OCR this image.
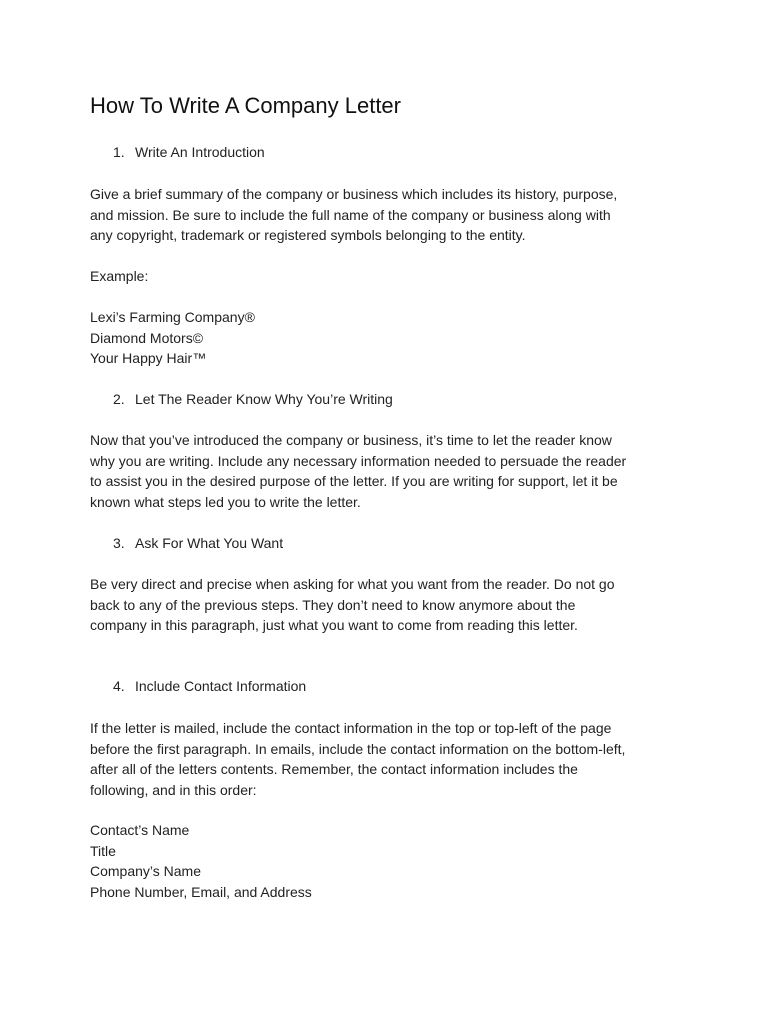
How To Write A Company Letter
1. Write An Introduction

Give a brief summary of the company or business which includes its history, purpose,
and mission. Be sure to include the full name of the company or business along with
any copyright, trademark or registered symbols belonging to the entity.

Example:

Lexi’s Farming Company®
Diamond Motors©
Your Happy Hair™
2. Let The Reader Know Why You’re Writing

Now that you’ve introduced the company or business, it’s time to let the reader know
why you are writing. Include any necessary information needed to persuade the reader
to assist you in the desired purpose of the letter. If you are writing for support, let it be
known what steps led you to write the letter.

3. Ask For What You Want

Be very direct and precise when asking for what you want from the reader. Do not go
back to any of the previous steps. They don’t need to know anymore about the
company in this paragraph, just what you want to come from reading this letter.

4. Include Contact Information

If the letter is mailed, include the contact information in the top or top-left of the page
before the first paragraph. In emails, include the contact information on the bottom-left,
after all of the letters contents. Remember, the contact information includes the
following, and in this order:

Contact’s Name
Title
Company’s Name
Phone Number, Email, and Address
